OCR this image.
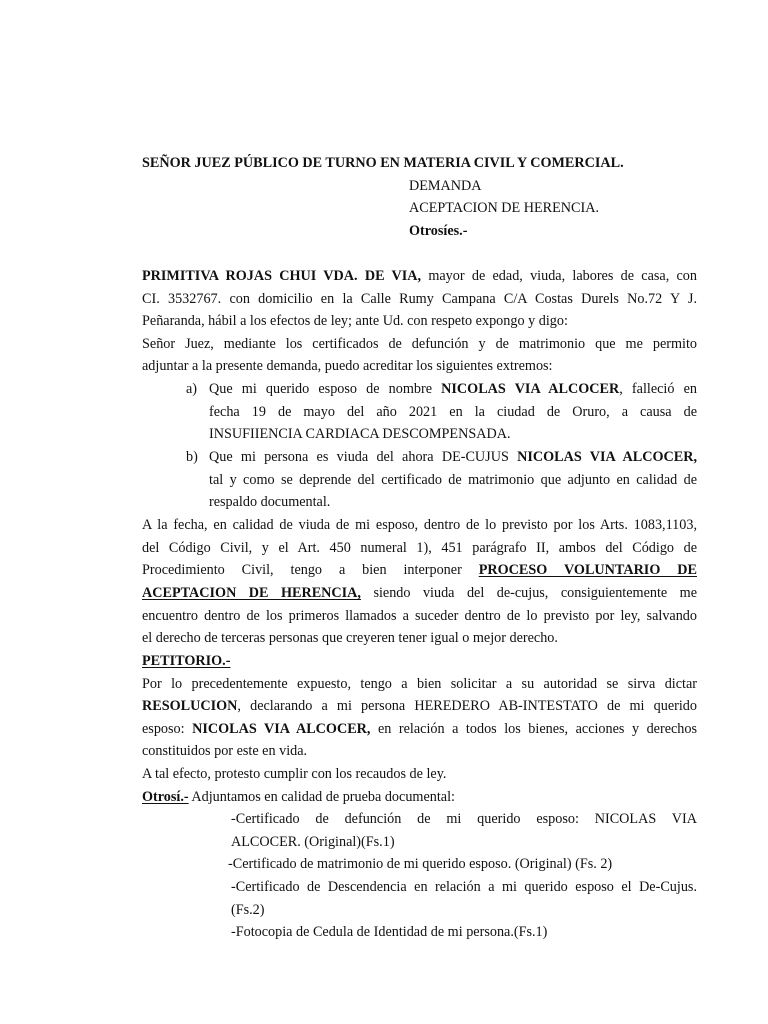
SEÑOR JUEZ PÚBLICO DE TURNO EN MATERIA CIVIL Y COMERCIAL.
DEMANDA
ACEPTACION DE HERENCIA.
Otrosíes.-
PRIMITIVA ROJAS CHUI VDA. DE VIA, mayor de edad, viuda, labores de casa, con
CI. 3532767. con domicilio en la Calle Rumy Campana C/A Costas Durels No.72 Y J.
Peñaranda, hábil a los efectos de ley; ante Ud. con respeto expongo y digo:
Señor Juez, mediante los certificados de defunción y de matrimonio que me permito
adjuntar a la presente demanda, puedo acreditar los siguientes extremos:
a) Que mi querido esposo de nombre NICOLAS VIA ALCOCER, falleció en
fecha 19 de mayo del año 2021 en la ciudad de Oruro, a causa de
INSUFIIENCIA CARDIACA DESCOMPENSADA.
b) Que mi persona es viuda del ahora DE-CUJUS NICOLAS VIA ALCOCER,
tal y como se deprende del certificado de matrimonio que adjunto en calidad de
respaldo documental.
A la fecha, en calidad de viuda de mi esposo, dentro de lo previsto por los Arts. 1083,1103,
del Código Civil, y el Art. 450 numeral 1), 451 parágrafo II, ambos del Código de
Procedimiento Civil, tengo a bien interponer PROCESO VOLUNTARIO DE
ACEPTACION DE HERENCIA, siendo viuda del de-cujus, consiguientemente me
encuentro dentro de los primeros llamados a suceder dentro de lo previsto por ley, salvando
el derecho de terceras personas que creyeren tener igual o mejor derecho.
PETITORIO.-
Por lo precedentemente expuesto, tengo a bien solicitar a su autoridad se sirva dictar
RESOLUCION, declarando a mi persona HEREDERO AB-INTESTATO de mi querido
esposo: NICOLAS VIA ALCOCER, en relación a todos los bienes, acciones y derechos
constituidos por este en vida.
A tal efecto, protesto cumplir con los recaudos de ley.
Otrosí.- Adjuntamos en calidad de prueba documental:
-Certificado de defunción de mi querido esposo: NICOLAS VIA
ALCOCER. (Original)(Fs.1)
-Certificado de matrimonio de mi querido esposo. (Original) (Fs. 2)
-Certificado de Descendencia en relación a mi querido esposo el De-Cujus.
(Fs.2)
-Fotocopia de Cedula de Identidad de mi persona.(Fs.1)
